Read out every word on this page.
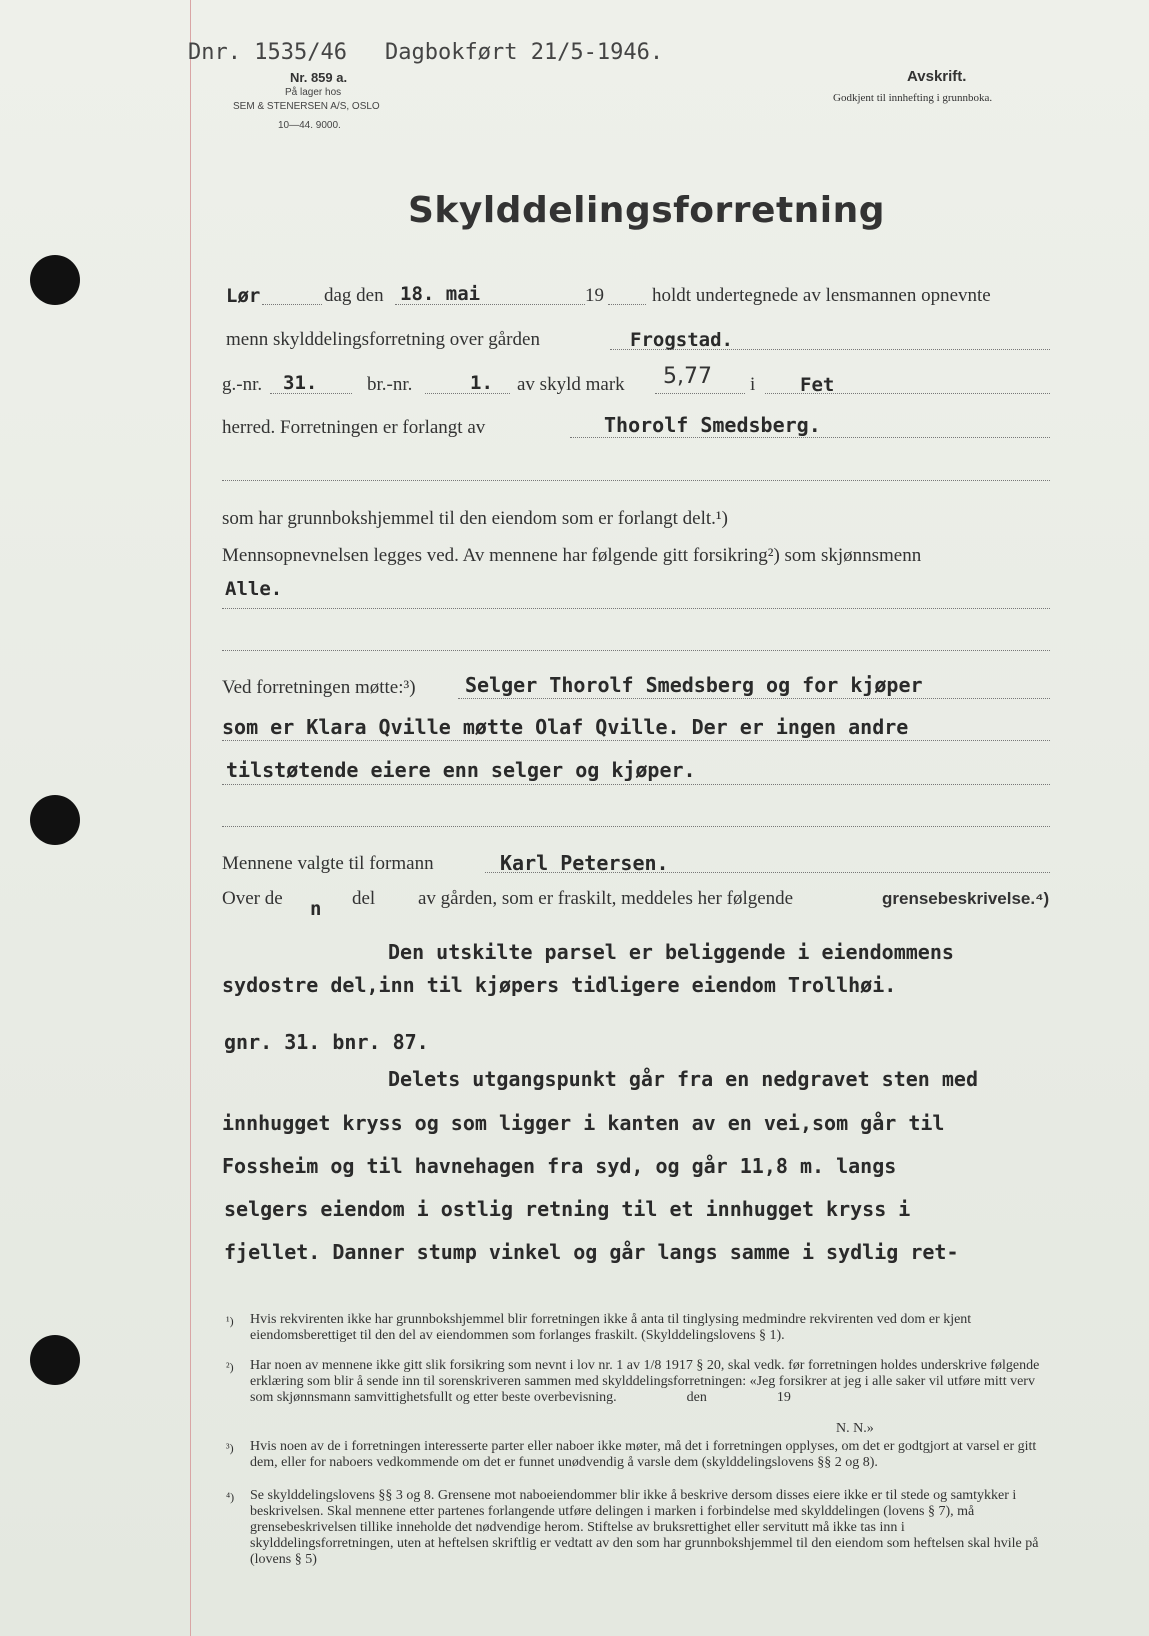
Dnr. 1535/46 Dagbokført 21/5-1946.
Nr. 859 a.
På lager hos
SEM & STENERSEN A/S, OSLO
10—44. 9000.
Avskrift.
Godkjent til innhefting i grunnboka.
Skylddelingsforretning
Lør	dag den 18. mai	19	holdt undertegnede av lensmannen opnevnte
menn skylddelingsforretning over gården	Frogstad.
g.-nr. 31.	br.-nr.	1. av skyld mark 5,77 i Fet
herred. Forretningen er forlangt av	Thorolf Smedsberg.
som har grunnbokshjemmel til den eiendom som er forlangt delt.¹)
Mennsopnevnelsen legges ved. Av mennene har følgende gitt forsikring²) som skjønnsmenn
Alle.
Ved forretningen møtte:³) Selger Thorolf Smedsberg og for kjøper
som er Klara Qville møtte Olaf Qville. Der er ingen andre
tilstøtende eiere enn selger og kjøper.
Mennene valgte til formann	Karl Petersen.
Over de n del av gården, som er fraskilt, meddeles her følgende	grensebeskrivelse.⁴)
Den utskilte parsel er beliggende i eiendommens
sydostre del,inn til kjøpers tidligere eiendom Trollhøi.
gnr. 31. bnr. 87.
Delets utgangspunkt går fra en nedgravet sten med
innhugget kryss og som ligger i kanten av en vei,som går til
Fossheim og til havnehagen fra syd, og går 11,8 m. langs
selgers eiendom i ostlig retning til et innhugget kryss i
fjellet. Danner stump vinkel og går langs samme i sydlig ret-
¹) Hvis rekvirenten ikke har grunnbokshjemmel blir forretningen ikke å anta til tinglysing medmindre rekvirenten ved dom er kjent eiendomsberettiget til den del av eiendommen som forlanges fraskilt. (Skylddelingslovens § 1).
²) Har noen av mennene ikke gitt slik forsikring som nevnt i lov nr. 1 av 1/8 1917 § 20, skal vedk. før forretningen holdes underskrive følgende erklæring som blir å sende inn til sorenskriveren sammen med skylddelingsforretningen: «Jeg forsikrer at jeg i alle saker vil utføre mitt verv som skjønnsmann samvittighetsfullt og etter beste overbevisning.                    den                    19
N. N.»
³) Hvis noen av de i forretningen interesserte parter eller naboer ikke møter, må det i forretningen opplyses, om det er godtgjort at varsel er gitt dem, eller for naboers vedkommende om det er funnet unødvendig å varsle dem (skylddelingslovens §§ 2 og 8).
⁴) Se skylddelingslovens §§ 3 og 8. Grensene mot naboeiendommer blir ikke å beskrive dersom disses eiere ikke er til stede og samtykker i beskrivelsen. Skal mennene etter partenes forlangende utføre delingen i marken i forbindelse med skylddelingen (lovens § 7), må grensebeskrivelsen tillike inneholde det nødvendige herom. Stiftelse av bruksrettighet eller servitutt må ikke tas inn i skylddelingsforretningen, uten at heftelsen skriftlig er vedtatt av den som har grunnbokshjemmel til den eiendom som heftelsen skal hvile på (lovens § 5)
